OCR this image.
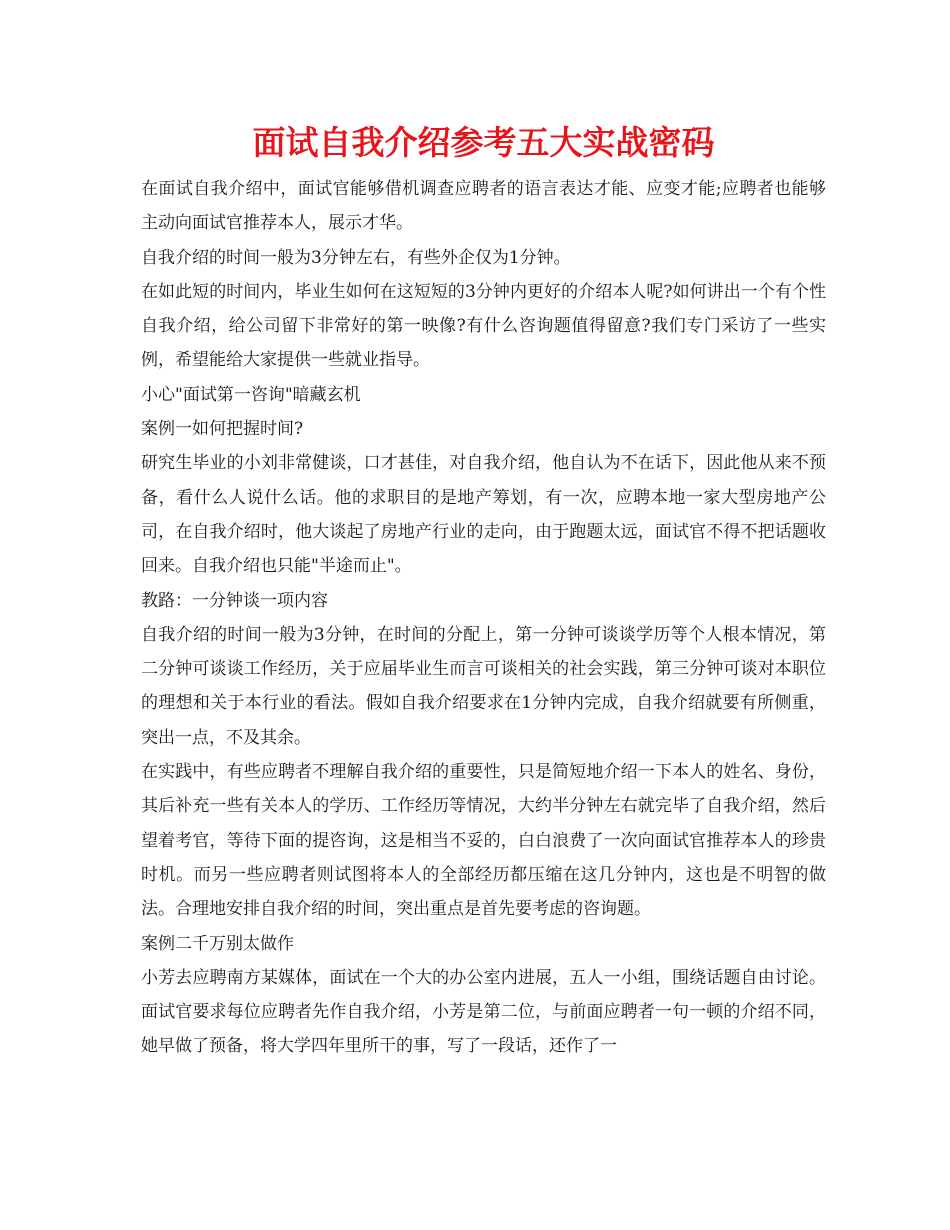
面试自我介绍参考五大实战密码

在面试自我介绍中，面试官能够借机调查应聘者的语言表达才能、应变才能;应聘者也能够主动向面试官推荐本人，展示才华。

自我介绍的时间一般为3分钟左右，有些外企仅为1分钟。

在如此短的时间内，毕业生如何在这短短的3分钟内更好的介绍本人呢?如何讲出一个有个性自我介绍，给公司留下非常好的第一映像?有什么咨询题值得留意?我们专门采访了一些实例，希望能给大家提供一些就业指导。

小心"面试第一咨询"暗藏玄机

案例一如何把握时间?

研究生毕业的小刘非常健谈，口才甚佳，对自我介绍，他自认为不在话下，因此他从来不预备，看什么人说什么话。他的求职目的是地产筹划，有一次，应聘本地一家大型房地产公司，在自我介绍时，他大谈起了房地产行业的走向，由于跑题太远，面试官不得不把话题收回来。自我介绍也只能"半途而止"。

教路：一分钟谈一项内容

自我介绍的时间一般为3分钟，在时间的分配上，第一分钟可谈谈学历等个人根本情况，第二分钟可谈谈工作经历，关于应届毕业生而言可谈相关的社会实践，第三分钟可谈对本职位的理想和关于本行业的看法。假如自我介绍要求在1分钟内完成，自我介绍就要有所侧重，突出一点，不及其余。

在实践中，有些应聘者不理解自我介绍的重要性，只是简短地介绍一下本人的姓名、身份，其后补充一些有关本人的学历、工作经历等情况，大约半分钟左右就完毕了自我介绍，然后望着考官，等待下面的提咨询，这是相当不妥的，白白浪费了一次向面试官推荐本人的珍贵时机。而另一些应聘者则试图将本人的全部经历都压缩在这几分钟内，这也是不明智的做法。合理地安排自我介绍的时间，突出重点是首先要考虑的咨询题。

案例二千万别太做作

小芳去应聘南方某媒体，面试在一个大的办公室内进展，五人一小组，围绕话题自由讨论。面试官要求每位应聘者先作自我介绍，小芳是第二位，与前面应聘者一句一顿的介绍不同，她早做了预备，将大学四年里所干的事，写了一段话，还作了一
